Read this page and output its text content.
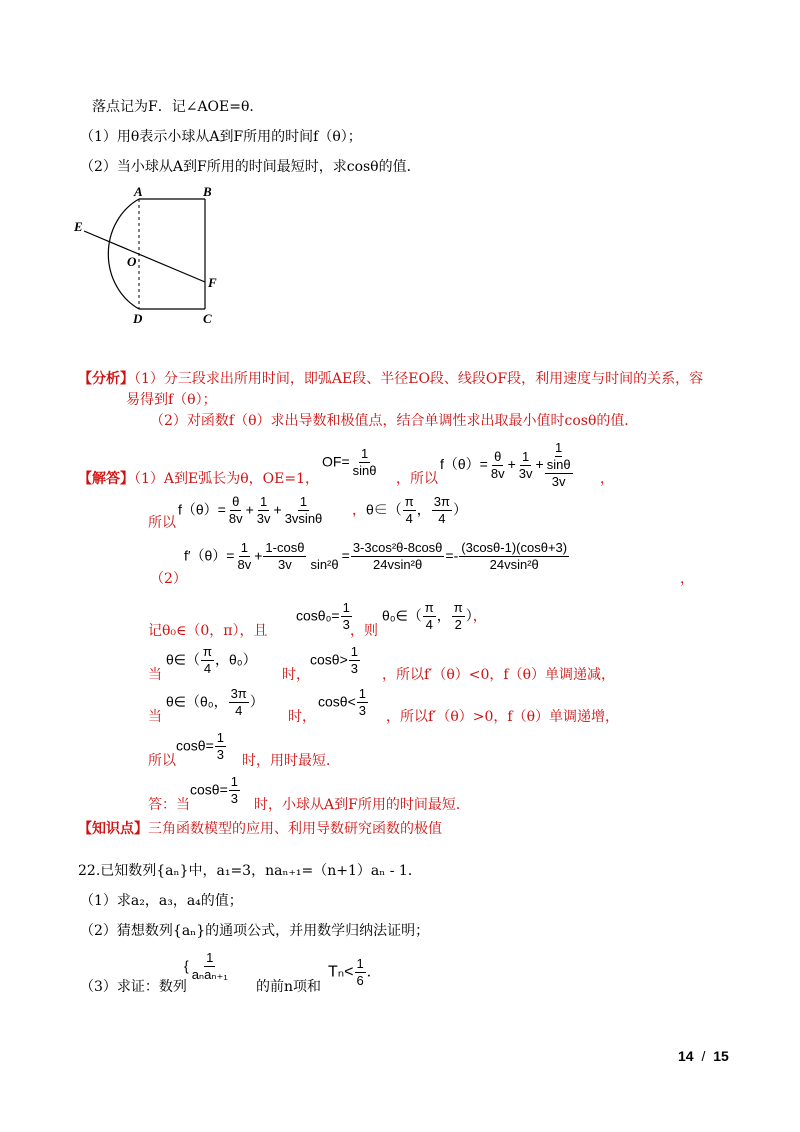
落点记为F．记∠AOE=θ．
（1）用θ表示小球从A到F所用的时间f（θ）；
（2）当小球从A到F所用的时间最短时，求cosθ的值．
A	B
C
D
E
F
O
【分析】（1）分三段求出所用时间，即弧AE段、半径EO段、线段OF段，利用速度与时间的关系，容
易得到f（θ）；
（2）对函数f（θ）求出导数和极值点，结合单调性求出取最小值时cosθ的值．
【解答】（1）A到E弧长为θ，OE=1，
$OF= \frac{1}{\sin\theta}$ ，所以
$f(\theta)= \frac{\theta}{8v} + \frac{1}{3v} + 1$
sinθ
3v ，
所以
$f(\theta)= \frac{\theta}{8v} + \frac{1}{3v} + \frac{1}{3vsin\theta}$ ，θ∈（ $\frac{\pi}{4}$ ， $\frac{3\pi}{4}$ ）
（2）
$f'(\theta)= \frac{1}{8v} + \frac{1-\cos\theta}{3v}$
sin²θ
= $\frac{\text{3-3cos²θ-8cosθ}}{\text{24vsin²θ}} =- \frac{(3\cos\theta-1)(\cos\theta+3)}{\text{24vsin²θ}}$
，
记θ₀∈（0，π），且
$\cos\theta_0= \frac{1}{3}$
，则
θ₀∈（ $\frac{\pi}{4}$ ， $\frac{\pi}{2}$ ），
当
θ∈（ $\frac{\pi}{4}$ ，θ₀）
时，
$\cos\theta> \frac{1}{3}$ ，所以f′（θ）<0，f（θ）单调递减，
当
θ∈（θ₀， $\frac{3\pi}{4}$ ）
时，
$\cos\theta< \frac{1}{3}$ ，所以f′（θ）>0，f（θ）单调递增，
所以
$\cos\theta= \frac{1}{3}$ 时，用时最短．
答：当
$\cos\theta= \frac{1}{3}$ 时，小球从A到F所用的时间最短．
【知识点】三角函数模型的应用、利用导数研究函数的极值
22.已知数列{aₙ}中，a₁=3，naₙ₊₁=（n+1）aₙ - 1．
（1）求a₂，a₃，a₄的值；
（2）猜想数列{aₙ}的通项公式，并用数学归纳法证明；
（3）求证：数列
{ $\frac{1}{\text{aₙaₙ₊₁}}$
的前n项和
$T_n< \frac{1}{6}$ ．
14 / 15
